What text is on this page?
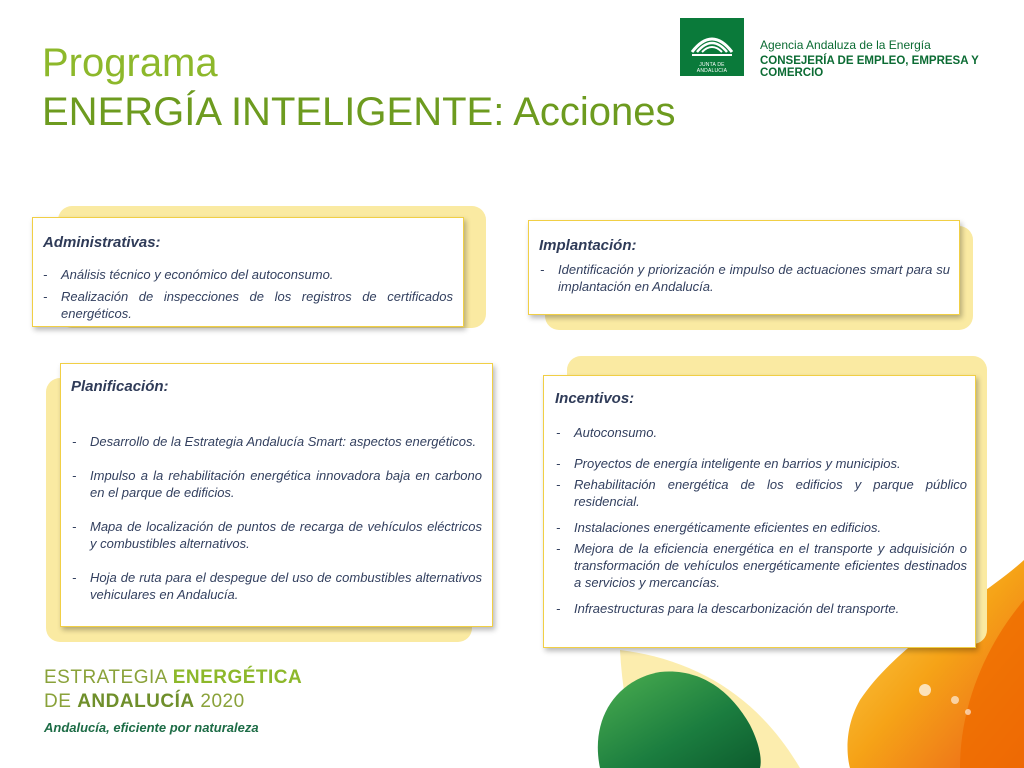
Programa
ENERGÍA INTELIGENTE: Acciones
JUNTA DE ANDALUCIA
Agencia Andaluza de la Energía
CONSEJERÍA DE EMPLEO, EMPRESA Y COMERCIO
Administrativas:
- Análisis técnico y económico del autoconsumo.
- Realización de inspecciones de los registros de certificados energéticos.
Implantación:
- Identificación y priorización e impulso de actuaciones smart para su implantación en Andalucía.
Planificación:
- Desarrollo de la Estrategia Andalucía Smart: aspectos energéticos.
- Impulso a la rehabilitación energética innovadora baja en carbono en el parque de edificios.
- Mapa de localización de puntos de recarga de vehículos eléctricos y combustibles alternativos.
- Hoja de ruta para el despegue del uso de combustibles alternativos vehiculares en Andalucía.
Incentivos:
- Autoconsumo.
- Proyectos de energía inteligente en barrios y municipios.
- Rehabilitación energética de los edificios y parque público residencial.
- Instalaciones energéticamente eficientes en edificios.
- Mejora de la eficiencia energética en el transporte y adquisición o transformación de vehículos energéticamente eficientes destinados a servicios y mercancías.
- Infraestructuras para la descarbonización del transporte.
ESTRATEGIA ENERGÉTICA
DE ANDALUCÍA 2020
Andalucía, eficiente por naturaleza
